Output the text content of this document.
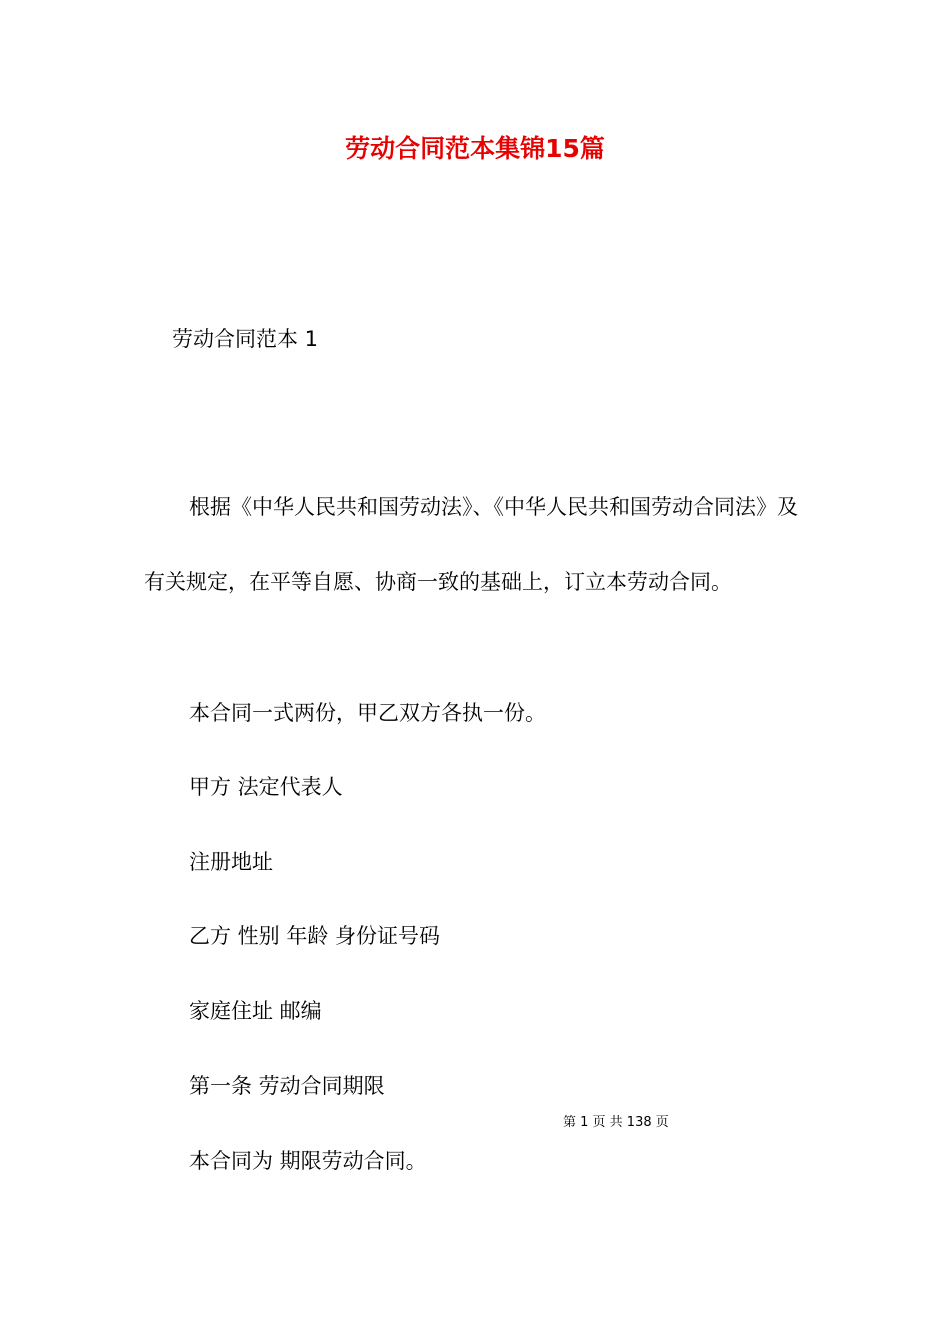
劳动合同范本集锦15篇
劳动合同范本 1
根据《中华人民共和国劳动法》、《中华人民共和国劳动合同法》及有关规定，在平等自愿、协商一致的基础上，订立本劳动合同。
本合同一式两份，甲乙双方各执一份。
甲方 法定代表人
注册地址
乙方 性别 年龄 身份证号码
家庭住址 邮编
第一条 劳动合同期限
第 1 页 共 138 页
本合同为 期限劳动合同。
